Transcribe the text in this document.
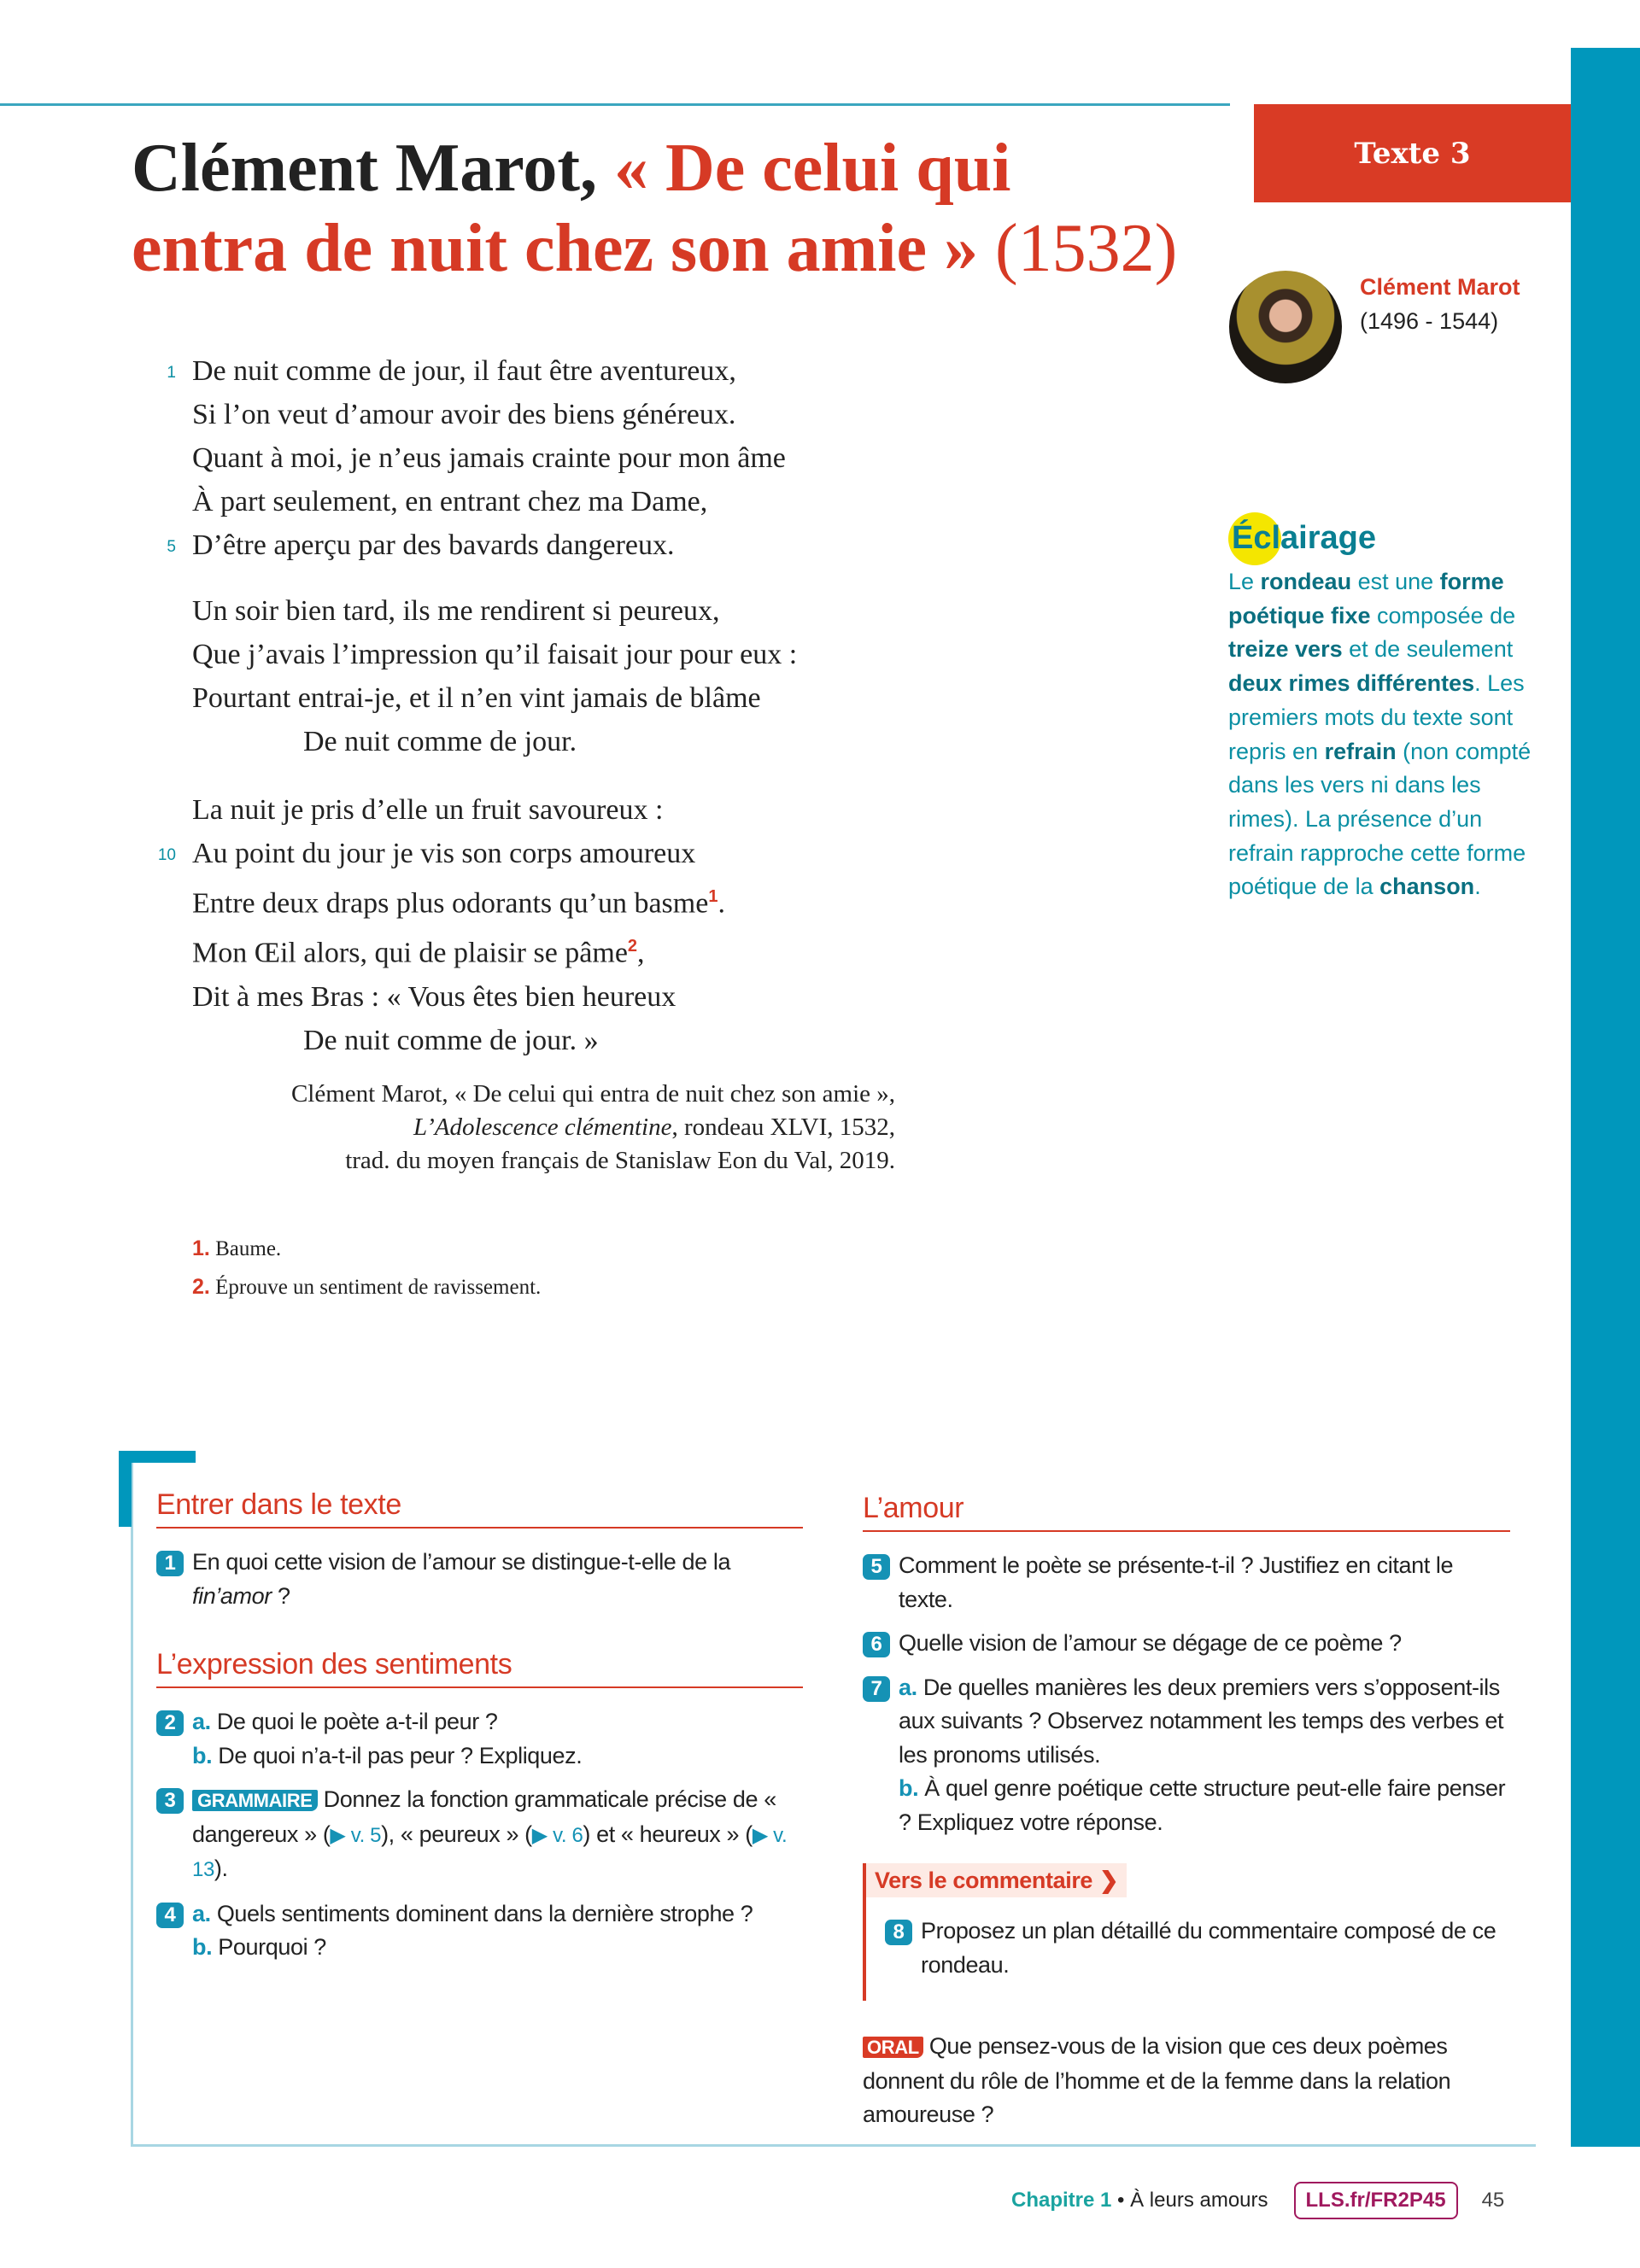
Texte 3
Clément Marot, « De celui qui
entra de nuit chez son amie » (1532)
Clément Marot
(1496 - 1544)
Éclairage
Le rondeau est une forme poétique fixe composée de treize vers et de seulement deux rimes différentes. Les premiers mots du texte sont repris en refrain (non compté dans les vers ni dans les rimes). La présence d’un refrain rapproche cette forme poétique de la chanson.
1 De nuit comme de jour, il faut être aventureux,
Si l’on veut d’amour avoir des biens généreux.
Quant à moi, je n’eus jamais crainte pour mon âme
À part seulement, en entrant chez ma Dame,
5 D’être aperçu par des bavards dangereux.
Un soir bien tard, ils me rendirent si peureux,
Que j’avais l’impression qu’il faisait jour pour eux :
Pourtant entrai-je, et il n’en vint jamais de blâme
De nuit comme de jour.
La nuit je pris d’elle un fruit savoureux :
10 Au point du jour je vis son corps amoureux
Entre deux draps plus odorants qu’un basme$^1$.
Mon Œil alors, qui de plaisir se pâme$^2$,
Dit à mes Bras : « Vous êtes bien heureux
De nuit comme de jour. »
Clément Marot, « De celui qui entra de nuit chez son amie »,
L’Adolescence clémentine, rondeau XLVI, 1532,
trad. du moyen français de Stanislaw Eon du Val, 2019.
1. Baume.
2. Éprouve un sentiment de ravissement.
Entrer dans le texte
1 En quoi cette vision de l’amour se distingue-t-elle de la fin’amor ?
L’expression des sentiments
2 a. De quoi le poète a-t-il peur ?
b. De quoi n’a-t-il pas peur ? Expliquez.
3	GRAMMAIRE Donnez la fonction grammaticale précise de « dangereux » (▶ v. 5), « peureux » (▶ v. 6) et « heureux » (▶ v. 13).
4 a. Quels sentiments dominent dans la dernière strophe ?
b. Pourquoi ?
L’amour
5 Comment le poète se présente-t-il ? Justifiez en citant le texte.
6 Quelle vision de l’amour se dégage de ce poème ?
7 a. De quelles manières les deux premiers vers s’opposent-ils aux suivants ? Observez notamment les temps des verbes et les pronoms utilisés.
b. À quel genre poétique cette structure peut-elle faire penser ? Expliquez votre réponse.
Vers le commentaire ❯
8 Proposez un plan détaillé du commentaire composé de ce rondeau.
ORAL Que pensez-vous de la vision que ces deux poèmes donnent du rôle de l’homme et de la femme dans la relation amoureuse ?
Chapitre 1 • À leurs amours	LLS.fr/FR2P45	45
